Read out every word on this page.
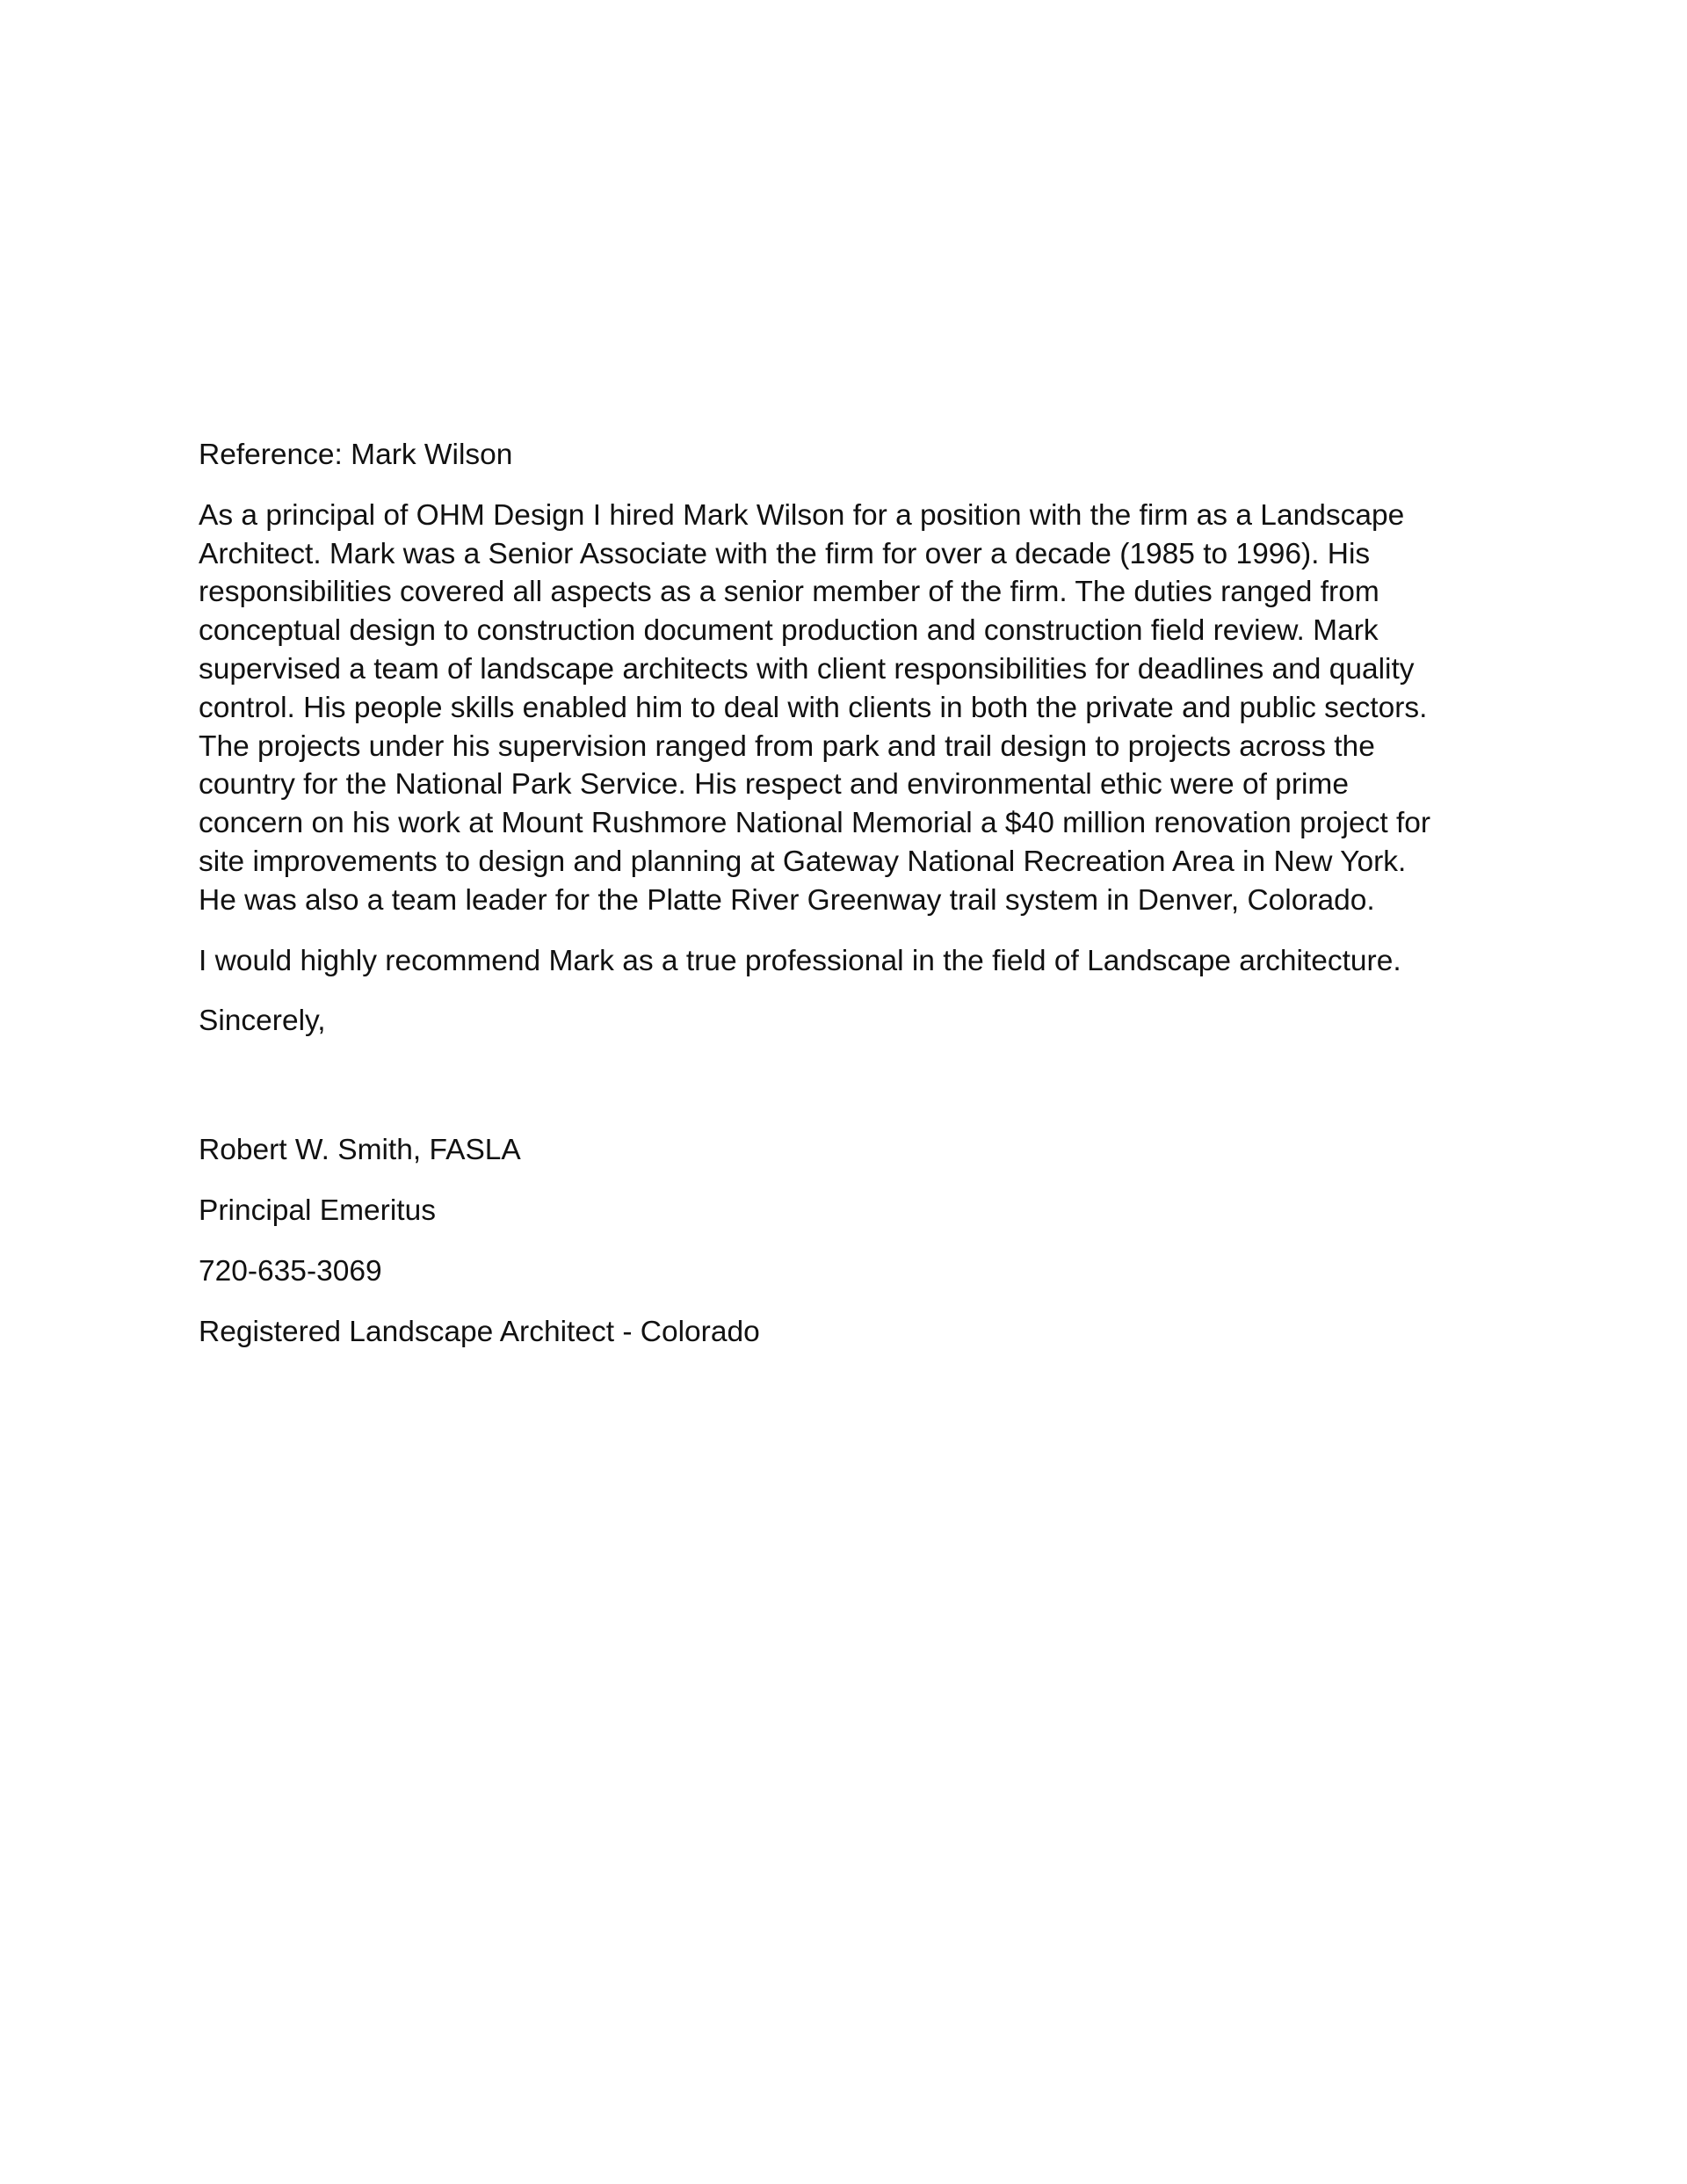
Reference: Mark Wilson
As a principal of OHM Design I hired Mark Wilson for a position with the firm as a Landscape
Architect. Mark was a Senior Associate with the firm for over a decade (1985 to 1996). His
responsibilities covered all aspects as a senior member of the firm. The duties ranged from
conceptual design to construction document production and construction field review. Mark
supervised a team of landscape architects with client responsibilities for deadlines and quality
control. His people skills enabled him to deal with clients in both the private and public sectors.
The projects under his supervision ranged from park and trail design to projects across the
country for the National Park Service. His respect and environmental ethic were of prime
concern on his work at Mount Rushmore National Memorial a $40 million renovation project for
site improvements to design and planning at Gateway National Recreation Area in New York.
He was also a team leader for the Platte River Greenway trail system in Denver, Colorado.
I would highly recommend Mark as a true professional in the field of Landscape architecture.
Sincerely,
Robert W. Smith, FASLA
Principal Emeritus
720-635-3069
Registered Landscape Architect - Colorado
